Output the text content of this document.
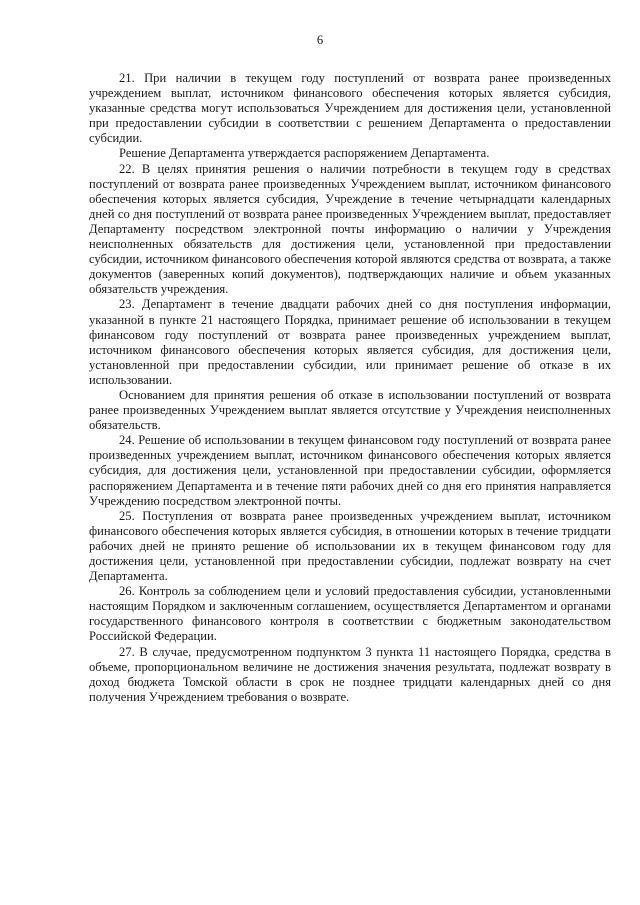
6

21. При наличии в текущем году поступлений от возврата ранее произведенных учреждением выплат, источником финансового обеспечения которых является субсидия, указанные средства могут использоваться Учреждением для достижения цели, установленной при предоставлении субсидии в соответствии с решением Департамента о предоставлении субсидии.

Решение Департамента утверждается распоряжением Департамента.

22. В целях принятия решения о наличии потребности в текущем году в средствах поступлений от возврата ранее произведенных Учреждением выплат, источником финансового обеспечения которых является субсидия, Учреждение в течение четырнадцати календарных дней со дня поступлений от возврата ранее произведенных Учреждением выплат, предоставляет Департаменту посредством электронной почты информацию о наличии у Учреждения неисполненных обязательств для достижения цели, установленной при предоставлении субсидии, источником финансового обеспечения которой являются средства от возврата, а также документов (заверенных копий документов), подтверждающих наличие и объем указанных обязательств учреждения.

23. Департамент в течение двадцати рабочих дней со дня поступления информации, указанной в пункте 21 настоящего Порядка, принимает решение об использовании в текущем финансовом году поступлений от возврата ранее произведенных учреждением выплат, источником финансового обеспечения которых является субсидия, для достижения цели, установленной при предоставлении субсидии, или принимает решение об отказе в их использовании.

Основанием для принятия решения об отказе в использовании поступлений от возврата ранее произведенных Учреждением выплат является отсутствие у Учреждения неисполненных обязательств.

24. Решение об использовании в текущем финансовом году поступлений от возврата ранее произведенных учреждением выплат, источником финансового обеспечения которых является субсидия, для достижения цели, установленной при предоставлении субсидии, оформляется распоряжением Департамента и в течение пяти рабочих дней со дня его принятия направляется Учреждению посредством электронной почты.

25. Поступления от возврата ранее произведенных учреждением выплат, источником финансового обеспечения которых является субсидия, в отношении которых в течение тридцати рабочих дней не принято решение об использовании их в текущем финансовом году для достижения цели, установленной при предоставлении субсидии, подлежат возврату на счет Департамента.

26. Контроль за соблюдением цели и условий предоставления субсидии, установленными настоящим Порядком и заключенным соглашением, осуществляется Департаментом и органами государственного финансового контроля в соответствии с бюджетным законодательством Российской Федерации.

27. В случае, предусмотренном подпунктом 3 пункта 11 настоящего Порядка, средства в объеме, пропорциональном величине не достижения значения результата, подлежат возврату в доход бюджета Томской области в срок не позднее тридцати календарных дней со дня получения Учреждением требования о возврате.
